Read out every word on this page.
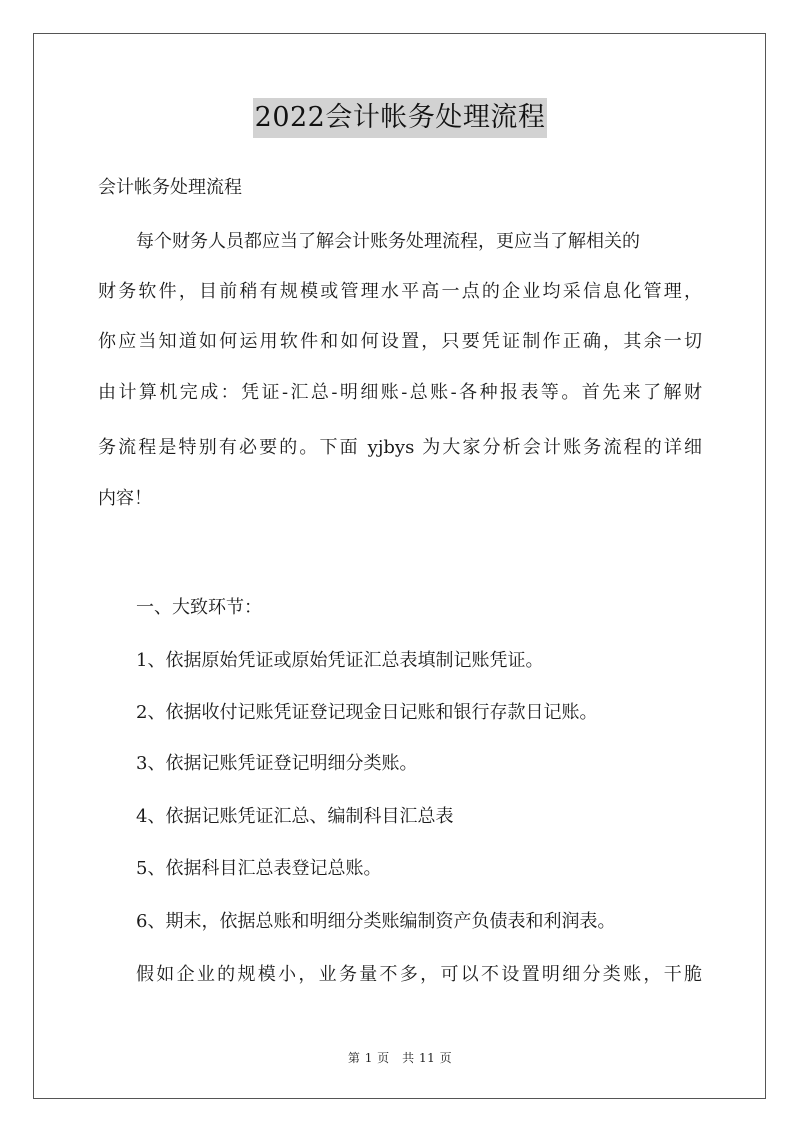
2022会计帐务处理流程
会计帐务处理流程
每个财务人员都应当了解会计账务处理流程，更应当了解相关的
财务软件，目前稍有规模或管理水平高一点的企业均采信息化管理，
你应当知道如何运用软件和如何设置，只要凭证制作正确，其余一切
由计算机完成：凭证-汇总-明细账-总账-各种报表等。首先来了解财
务流程是特别有必要的。下面 yjbys 为大家分析会计账务流程的详细
内容！
一、大致环节：
1、依据原始凭证或原始凭证汇总表填制记账凭证。
2、依据收付记账凭证登记现金日记账和银行存款日记账。
3、依据记账凭证登记明细分类账。
4、依据记账凭证汇总、编制科目汇总表
5、依据科目汇总表登记总账。
6、期末，依据总账和明细分类账编制资产负债表和利润表。
假如企业的规模小，业务量不多，可以不设置明细分类账，干脆
第 1 页　共 11 页
